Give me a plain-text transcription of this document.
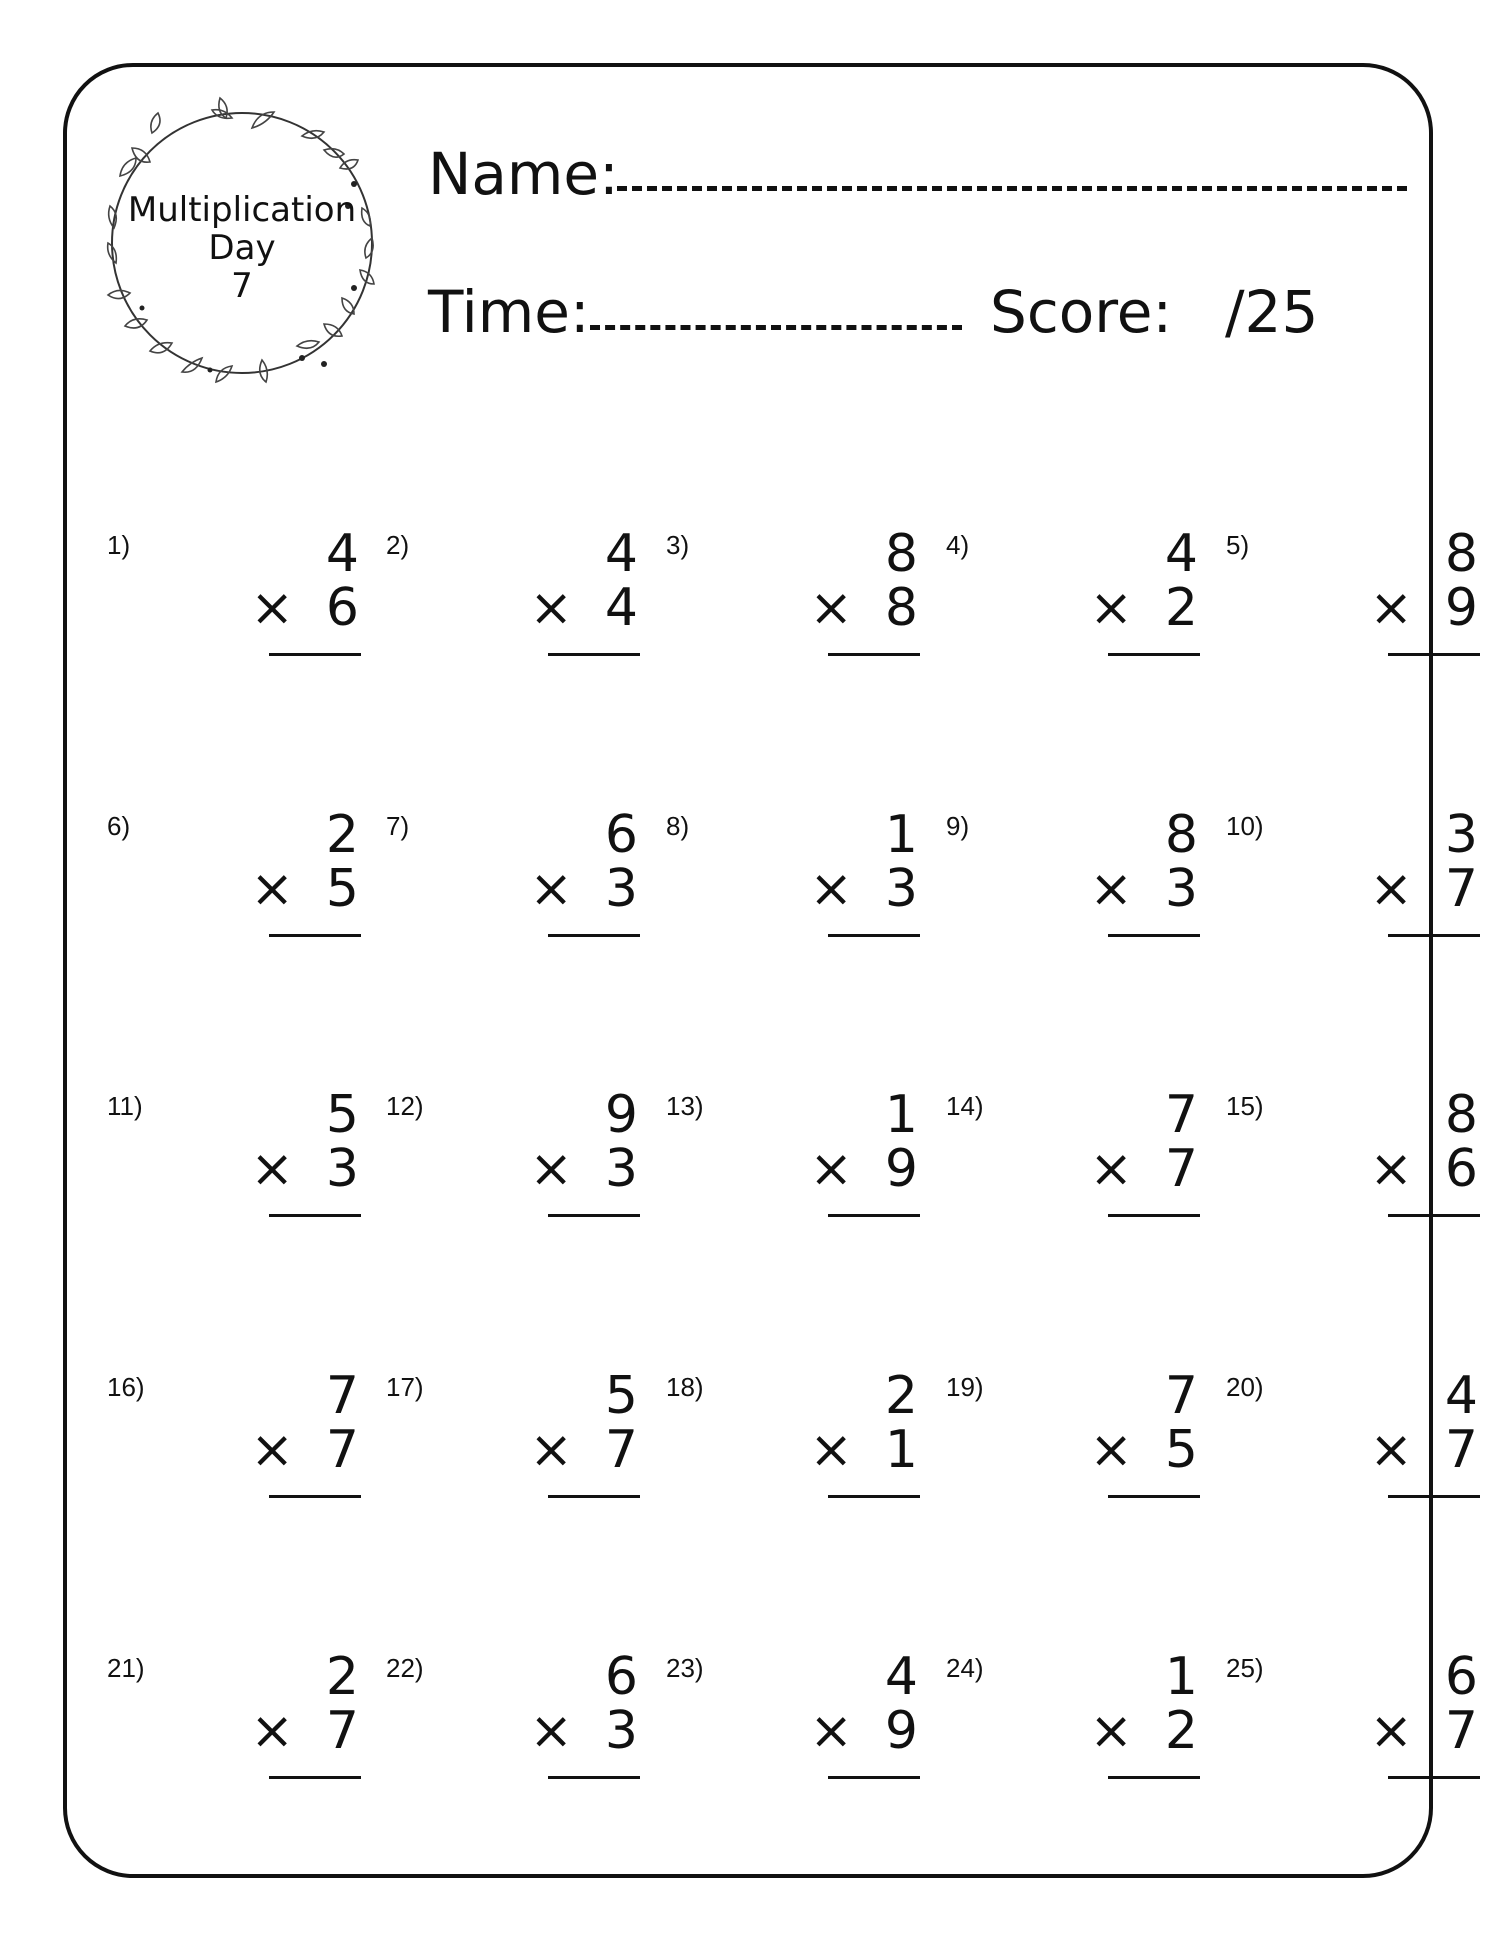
Multiplication
Day
7
Name:
Time:	Score: /25
1)	4
× 6
2)	4
× 4
3)	8
× 8
4)	4
× 2
5)	8
× 9
6)	2
× 5
7)	6
× 3
8)	1
× 3
9)	8
× 3
10)	3
× 7
11)	5
× 3
12)	9
× 3
13)	1
× 9
14)	7
× 7
15)	8
× 6
16)	7
× 7
17)	5
× 7
18)	2
× 1
19)	7
× 5
20)	4
× 7
21)	2
× 7
22)	6
× 3
23)	4
× 9
24)	1
× 2
25)	6
× 7
